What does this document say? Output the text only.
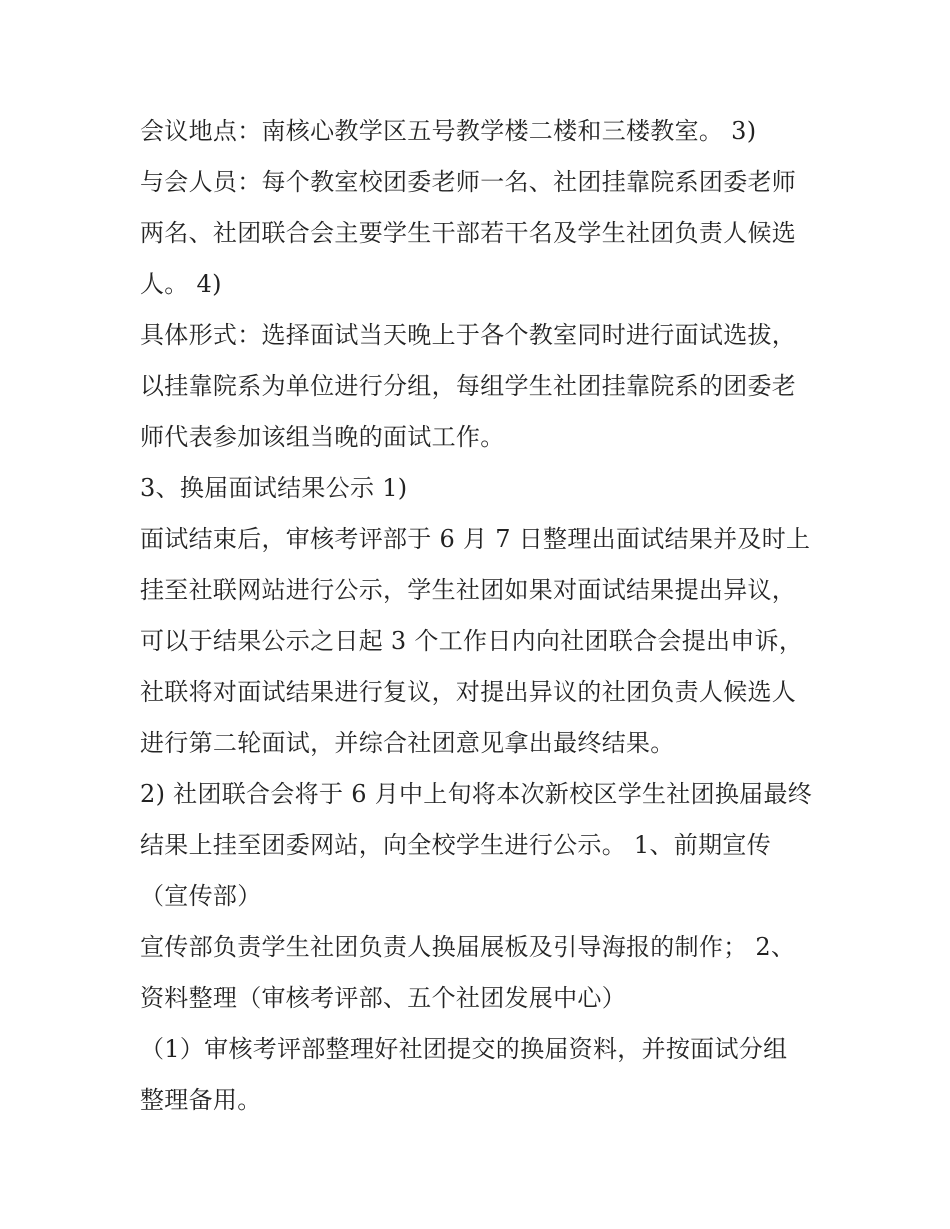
会议地点：南核心教学区五号教学楼二楼和三楼教室。 3)
与会人员：每个教室校团委老师一名、社团挂靠院系团委老师
两名、社团联合会主要学生干部若干名及学生社团负责人候选
人。 4)
具体形式：选择面试当天晚上于各个教室同时进行面试选拔，
以挂靠院系为单位进行分组，每组学生社团挂靠院系的团委老
师代表参加该组当晚的面试工作。
3、换届面试结果公示 1)
面试结束后，审核考评部于 6 月 7 日整理出面试结果并及时上
挂至社联网站进行公示，学生社团如果对面试结果提出异议，
可以于结果公示之日起 3 个工作日内向社团联合会提出申诉，
社联将对面试结果进行复议，对提出异议的社团负责人候选人
进行第二轮面试，并综合社团意见拿出最终结果。
2) 社团联合会将于 6 月中上旬将本次新校区学生社团换届最终
结果上挂至团委网站，向全校学生进行公示。 1、前期宣传
（宣传部）
宣传部负责学生社团负责人换届展板及引导海报的制作； 2、
资料整理（审核考评部、五个社团发展中心）
（1）审核考评部整理好社团提交的换届资料，并按面试分组
整理备用。
